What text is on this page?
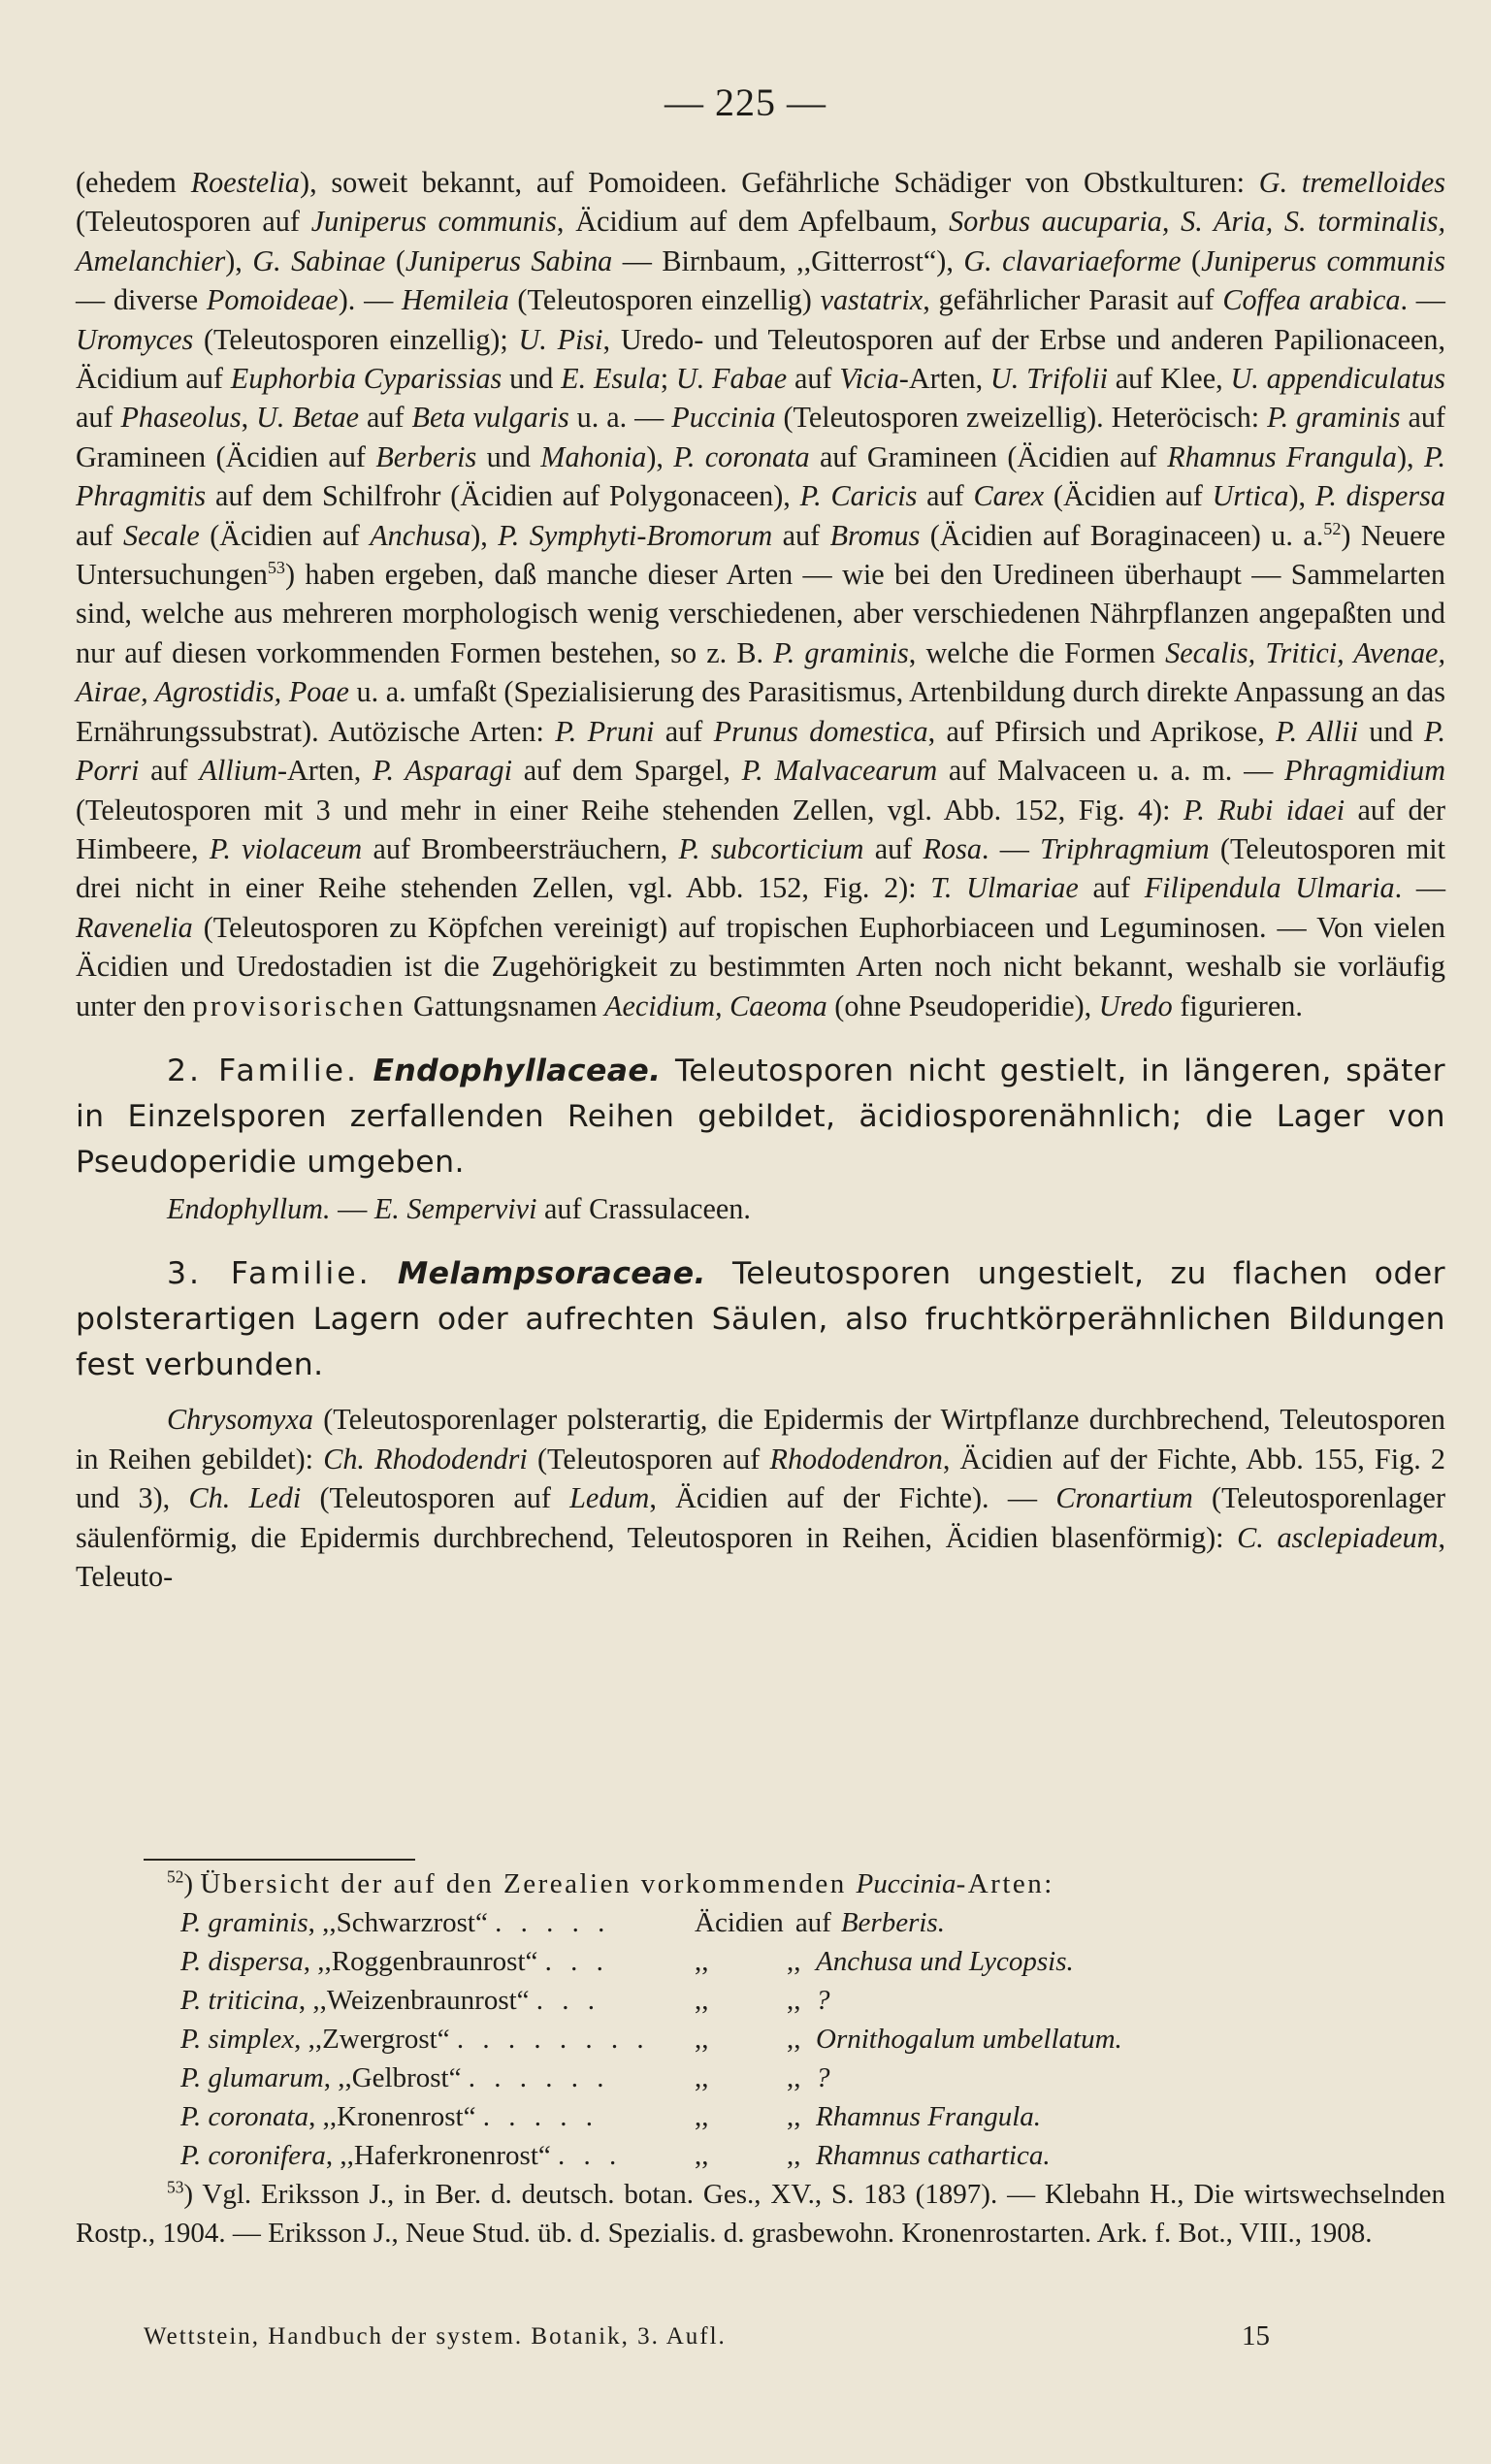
— 225 —

(ehedem Roestelia), soweit bekannt, auf Pomoideen. Gefährliche Schädiger von Obstkulturen: G. tremelloides (Teleutosporen auf Juniperus communis, Äcidium auf dem Apfelbaum, Sorbus aucuparia, S. Aria, S. torminalis, Amelanchier), G. Sabinae (Juniperus Sabina — Birnbaum, ,,Gitterrost“), G. clavariaeforme (Juniperus communis — diverse Pomoideae). — Hemileia (Teleutosporen einzellig) vastatrix, gefährlicher Parasit auf Coffea arabica. — Uromyces (Teleutosporen einzellig); U. Pisi, Uredo- und Teleutosporen auf der Erbse und anderen Papilionaceen, Äcidium auf Euphorbia Cyparissias und E. Esula; U. Fabae auf Vicia-Arten, U. Trifolii auf Klee, U. appendiculatus auf Phaseolus, U. Betae auf Beta vulgaris u. a. — Puccinia (Teleutosporen zweizellig). Heteröcisch: P. graminis auf Gramineen (Äcidien auf Berberis und Mahonia), P. coronata auf Gramineen (Äcidien auf Rhamnus Frangula), P. Phragmitis auf dem Schilfrohr (Äcidien auf Polygonaceen), P. Caricis auf Carex (Äcidien auf Urtica), P. dispersa auf Secale (Äcidien auf Anchusa), P. Symphyti-Bromorum auf Bromus (Äcidien auf Boraginaceen) u. a.$^{52}$) Neuere Untersuchungen$^{53}$) haben ergeben, daß manche dieser Arten — wie bei den Uredineen überhaupt — Sammelarten sind, welche aus mehreren morphologisch wenig verschiedenen, aber verschiedenen Nährpflanzen angepaßten und nur auf diesen vorkommenden Formen bestehen, so z. B. P. graminis, welche die Formen Secalis, Tritici, Avenae, Airae, Agrostidis, Poae u. a. umfaßt (Spezialisierung des Parasitismus, Artenbildung durch direkte Anpassung an das Ernährungssubstrat). Autözische Arten: P. Pruni auf Prunus domestica, auf Pfirsich und Aprikose, P. Allii und P. Porri auf Allium-Arten, P. Asparagi auf dem Spargel, P. Malvacearum auf Malvaceen u. a. m. — Phragmidium (Teleutosporen mit 3 und mehr in einer Reihe stehenden Zellen, vgl. Abb. 152, Fig. 4): P. Rubi idaei auf der Himbeere, P. violaceum auf Brombeersträuchern, P. subcorticium auf Rosa. — Triphragmium (Teleutosporen mit drei nicht in einer Reihe stehenden Zellen, vgl. Abb. 152, Fig. 2): T. Ulmariae auf Filipendula Ulmaria. — Ravenelia (Teleutosporen zu Köpfchen vereinigt) auf tropischen Euphorbiaceen und Leguminosen. — Von vielen Äcidien und Uredostadien ist die Zugehörigkeit zu bestimmten Arten noch nicht bekannt, weshalb sie vorläufig unter den provisorischen Gattungsnamen Aecidium, Caeoma (ohne Pseudoperidie), Uredo figurieren.

2. Familie. Endophyllaceae. Teleutosporen nicht gestielt, in längeren, später in Einzelsporen zerfallenden Reihen gebildet, äcidiosporenähnlich; die Lager von Pseudoperidie umgeben.

Endophyllum. — E. Sempervivi auf Crassulaceen.

3. Familie. Melampsoraceae. Teleutosporen ungestielt, zu flachen oder polsterartigen Lagern oder aufrechten Säulen, also fruchtkörperähnlichen Bildungen fest verbunden.

Chrysomyxa (Teleutosporenlager polsterartig, die Epidermis der Wirtpflanze durchbrechend, Teleutosporen in Reihen gebildet): Ch. Rhododendri (Teleutosporen auf Rhododendron, Äcidien auf der Fichte, Abb. 155, Fig. 2 und 3), Ch. Ledi (Teleutosporen auf Ledum, Äcidien auf der Fichte). — Cronartium (Teleutosporenlager säulenförmig, die Epidermis durchbrechend, Teleutosporen in Reihen, Äcidien blasenförmig): C. asclepiadeum, Teleuto-

$^{52}$) Übersicht der auf den Zerealien vorkommenden Puccinia-Arten:

P. graminis, ,,Schwarzrost“ . . . . .	Äcidien auf Berberis.
P. dispersa, ,,Roggenbraunrost“ . . .	,,	,, Anchusa und Lycopsis.
P. triticina, ,,Weizenbraunrost“ . . .	,,	,, ?
P. simplex, ,,Zwergrost“ . . . . . . . .	,,	,, Ornithogalum umbellatum.
P. glumarum, ,,Gelbrost“ . . . . . .	,,	,, ?
P. coronata, ,,Kronenrost“ . . . . .	,,	,, Rhamnus Frangula.
P. coronifera, ,,Haferkronenrost“ . . .	,,	,, Rhamnus cathartica.

$^{53}$) Vgl. Eriksson J., in Ber. d. deutsch. botan. Ges., XV., S. 183 (1897). — Klebahn H., Die wirtswechselnden Rostp., 1904. — Eriksson J., Neue Stud. üb. d. Spezialis. d. grasbewohn. Kronenrostarten. Ark. f. Bot., VIII., 1908.

Wettstein, Handbuch der system. Botanik, 3. Aufl.	15
